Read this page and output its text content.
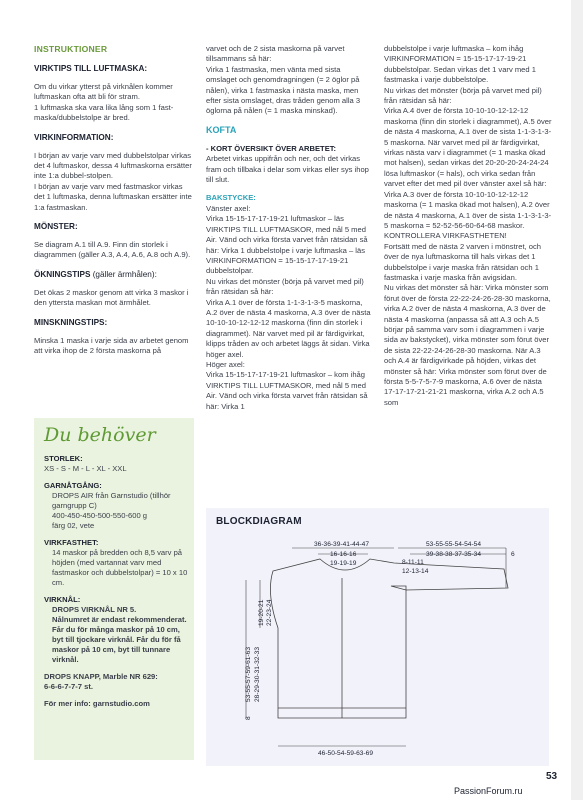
INSTRUKTIONER

VIRKTIPS TILL LUFTMASKA:

Om du virkar ytterst på virknålen kommer luftmaskan ofta att bli för stram.
1 luftmaska ska vara lika lång som 1 fast-maska/dubbelstolpe är bred.

VIRKINFORMATION:

I början av varje varv med dubbelstolpar virkas det 4 luftmaskor, dessa 4 luftmaskorna ersätter inte 1:a dubbel-stolpen.

I början av varje varv med fastmaskor virkas det 1 luftmaska, denna luftmaskan ersätter inte 1:a fastmaskan.

MÖNSTER:

Se diagram A.1 till A.9. Finn din storlek i diagrammen (gäller A.3, A.4, A.6, A.8 och A.9).

ÖKNINGSTIPS (gäller ärmhålen):

Det ökas 2 maskor genom att virka 3 maskor i den yttersta maskan mot ärmhålet.

MINSKNINGSTIPS:

Minska 1 maska i varje sida av arbetet genom att virka ihop de 2 första maskorna på

Du behöver

STORLEK:

XS - S - M - L - XL - XXL

GARNÅTGÅNG:

DROPS AIR från Garnstudio (tillhör garngrupp C)
400-450-450-500-550-600 g
färg 02, vete

VIRKFASTHET:

14 maskor på bredden och 8,5 varv på höjden (med vartannat varv med fastmaskor och dubbelstolpar) = 10 x 10 cm.

VIRKNÅL:

DROPS VIRKNÅL NR 5.
Nålnumret är endast rekommenderat. Får du för många maskor på 10 cm, byt till tjockare virknål. Får du för få maskor på 10 cm, byt till tunnare virknål.

DROPS KNAPP, Marble NR 629:
6-6-6-7-7-7 st.

För mer info: garnstudio.com

varvet och de 2 sista maskorna på varvet tillsammans så här:
Virka 1 fastmaska, men vänta med sista omslaget och genomdragningen (= 2 öglor på nålen), virka 1 fastmaska i nästa maska, men efter sista omslaget, dras tråden genom alla 3 öglorna på nålen (= 1 maska minskad).

KOFTA

- KORT ÖVERSIKT ÖVER ARBETET:

Arbetet virkas uppifrån och ner, och det virkas fram och tillbaka i delar som virkas eller sys ihop till slut.

BAKSTYCKE:

Vänster axel:
Virka 15-15-17-17-19-21 luftmaskor – läs VIRKTIPS TILL LUFTMASKOR, med nål 5 med Air. Vänd och virka första varvet från rätsidan så här: Virka 1 dubbelstolpe i varje luftmaska – läs VIRKINFORMATION = 15-15-17-17-19-21 dubbelstolpar.
Nu virkas det mönster (börja på varvet med pil) från rätsidan så här:
Virka A.1 över de första 1-1-3-1-3-5 maskorna, A.2 över de nästa 4 maskorna, A.3 över de nästa 10-10-10-12-12-12 maskorna (finn din storlek i diagrammet). När varvet med pil är färdigvirkat, klipps tråden av och arbetet läggs åt sidan. Virka höger axel.
Höger axel:
Virka 15-15-17-17-19-21 luftmaskor – kom ihåg VIRKTIPS TILL LUFTMASKOR, med nål 5 med Air. Vänd och virka första varvet från rätsidan så här: Virka 1

dubbelstolpe i varje luftmaska – kom ihåg VIRKINFORMATION = 15-15-17-17-19-21 dubbelstolpar. Sedan virkas det 1 varv med 1 fastmaska i varje dubbelstolpe.
Nu virkas det mönster (börja på varvet med pil) från rätsidan så här:
Virka A.4 över de första 10-10-10-12-12-12 maskorna (finn din storlek i diagrammet), A.5 över de nästa 4 maskorna, A.1 över de sista 1-1-3-1-3-5 maskorna. När varvet med pil är färdigvirkat, virkas nästa varv i diagrammet (= 1 maska ökad mot halsen), sedan virkas det 20-20-20-24-24-24 lösa luftmaskor (= hals), och virka sedan från varvet efter det med pil över vänster axel så här: Virka A.3 över de första 10-10-10-12-12-12 maskorna (= 1 maska ökad mot halsen), A.2 över de nästa 4 maskorna, A.1 över de sista 1-1-3-1-3-5 maskorna = 52-52-56-60-64-68 maskor. KONTROLLERA VIRKFASTHETEN!
Fortsätt med de nästa 2 varven i mönstret, och över de nya luftmaskorna till hals virkas det 1 dubbelstolpe i varje maska från rätsidan och 1 fastmaska i varje maska från avigsidan.
Nu virkas det mönster så här: Virka mönster som förut över de första 22-22-24-26-28-30 maskorna, virka A.2 över de nästa 4 maskorna, A.3 över de nästa 4 maskorna (anpassa så att A.3 och A.5 börjar på samma varv som i diagrammen i varje sida av bakstycket), virka mönster som förut över de sista 22-22-24-26-28-30 maskorna. När A.3 och A.4 är färdigvirkade på höjden, virkas det mönster så här: Virka mönster som förut över de första 5-5-7-5-7-9 maskorna, A.6 över de nästa 17-17-17-21-21-21 maskorna, virka A.2 och A.5 som

BLOCKDIAGRAM
36-36-39-41-44-47
16-16-16
19-19-19
53-55-55-54-54-54
39-38-38-37-35-34
8-11-11
12-13-14
6
46-50-54-59-63-69
53-55-57-59-61-63 28-29-30-31-32-33
19-20-21 22-23-24
8
53
PassionForum.ru
